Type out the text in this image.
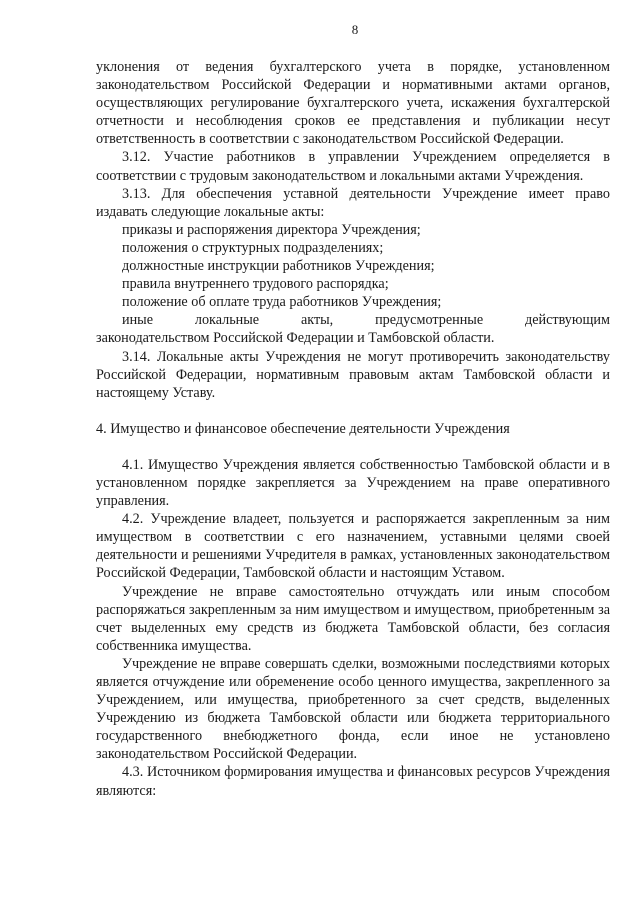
8

уклонения от ведения бухгалтерского учета в порядке, установленном законодательством Российской Федерации и нормативными актами органов, осуществляющих регулирование бухгалтерского учета, искажения бухгалтерской отчетности и несоблюдения сроков ее представления и публикации несут ответственность в соответствии с законодательством Российской Федерации.

3.12. Участие работников в управлении Учреждением определяется в соответствии с трудовым законодательством и локальными актами Учреждения.

3.13. Для обеспечения уставной деятельности Учреждение имеет право издавать следующие локальные акты:

приказы и распоряжения директора Учреждения;

положения о структурных подразделениях;

должностные инструкции работников Учреждения;

правила внутреннего трудового распорядка;

положение об оплате труда работников Учреждения;

иные локальные акты, предусмотренные действующим

законодательством Российской Федерации и Тамбовской области.

3.14. Локальные акты Учреждения не могут противоречить законодательству Российской Федерации, нормативным правовым актам Тамбовской области и настоящему Уставу.

4. Имущество и финансовое обеспечение деятельности Учреждения

4.1. Имущество Учреждения является собственностью Тамбовской области и в установленном порядке закрепляется за Учреждением на праве оперативного управления.

4.2. Учреждение владеет, пользуется и распоряжается закрепленным за ним имуществом в соответствии с его назначением, уставными целями своей деятельности и решениями Учредителя в рамках, установленных законодательством Российской Федерации, Тамбовской области и настоящим Уставом.

Учреждение не вправе самостоятельно отчуждать или иным способом распоряжаться закрепленным за ним имуществом и имуществом, приобретенным за счет выделенных ему средств из бюджета Тамбовской области, без согласия собственника имущества.

Учреждение не вправе совершать сделки, возможными последствиями которых является отчуждение или обременение особо ценного имущества, закрепленного за Учреждением, или имущества, приобретенного за счет средств, выделенных Учреждению из бюджета Тамбовской области или бюджета территориального государственного внебюджетного фонда, если иное не установлено законодательством Российской Федерации.

4.3. Источником формирования имущества и финансовых ресурсов Учреждения являются:
